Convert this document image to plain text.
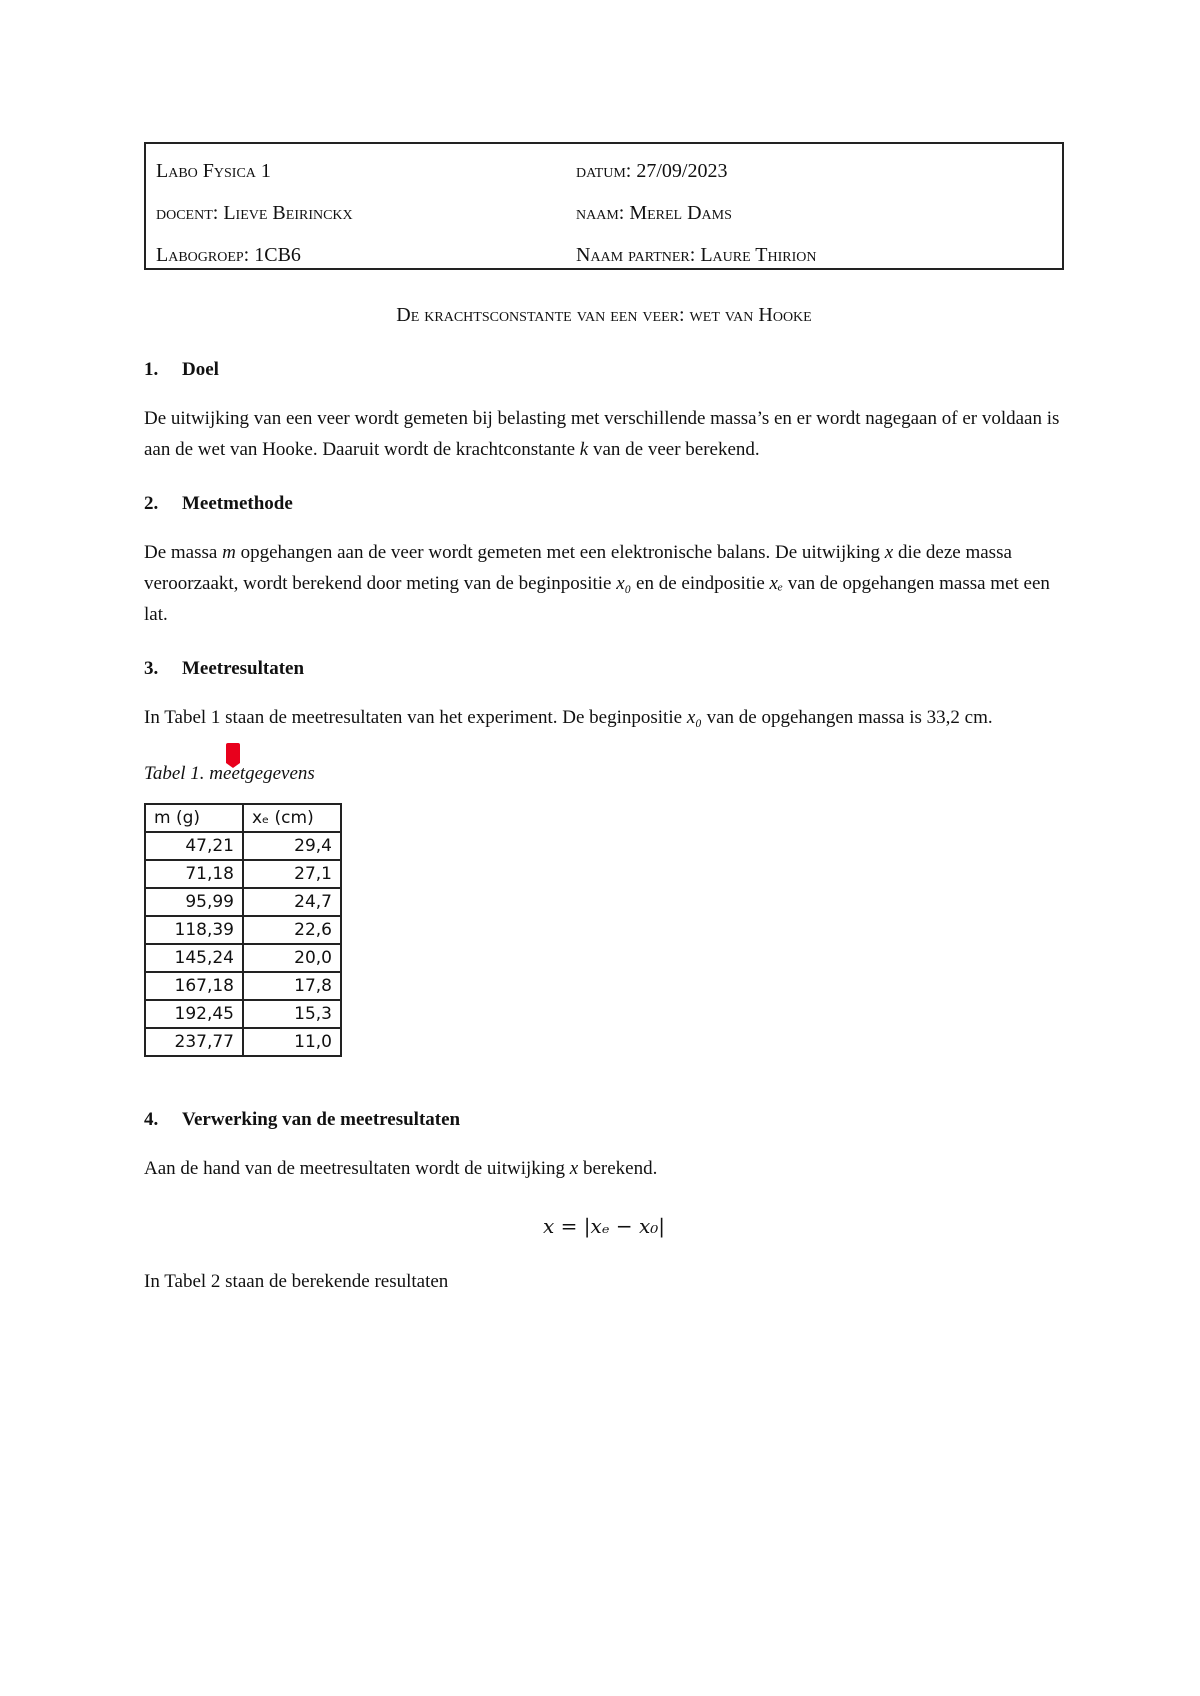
Labo Fysica 1	datum: 27/09/2023
docent: Lieve Beirinckx	naam: Merel Dams
Labogroep: 1CB6	Naam partner: Laure Thirion
De krachtsconstante van een veer: wet van Hooke
1.	Doel
De uitwijking van een veer wordt gemeten bij belasting met verschillende massa’s en er wordt nagegaan of er voldaan is aan de wet van Hooke. Daaruit wordt de krachtconstante k van de veer berekend.
2.	Meetmethode
De massa m opgehangen aan de veer wordt gemeten met een elektronische balans. De uitwijking x die deze massa veroorzaakt, wordt berekend door meting van de beginpositie x₀ en de eindpositie xₑ van de opgehangen massa met een lat.
3.	Meetresultaten
In Tabel 1 staan de meetresultaten van het experiment. De beginpositie x₀ van de opgehangen massa is 33,2 cm.
Tabel 1. meetgegevens
m (g)	xₑ (cm)
47,21	29,4
71,18	27,1
95,99	24,7
118,39	22,6
145,24	20,0
167,18	17,8
192,45	15,3
237,77	11,0
4.	Verwerking van de meetresultaten
Aan de hand van de meetresultaten wordt de uitwijking x berekend.
x = |xₑ − x₀|
In Tabel 2 staan de berekende resultaten
